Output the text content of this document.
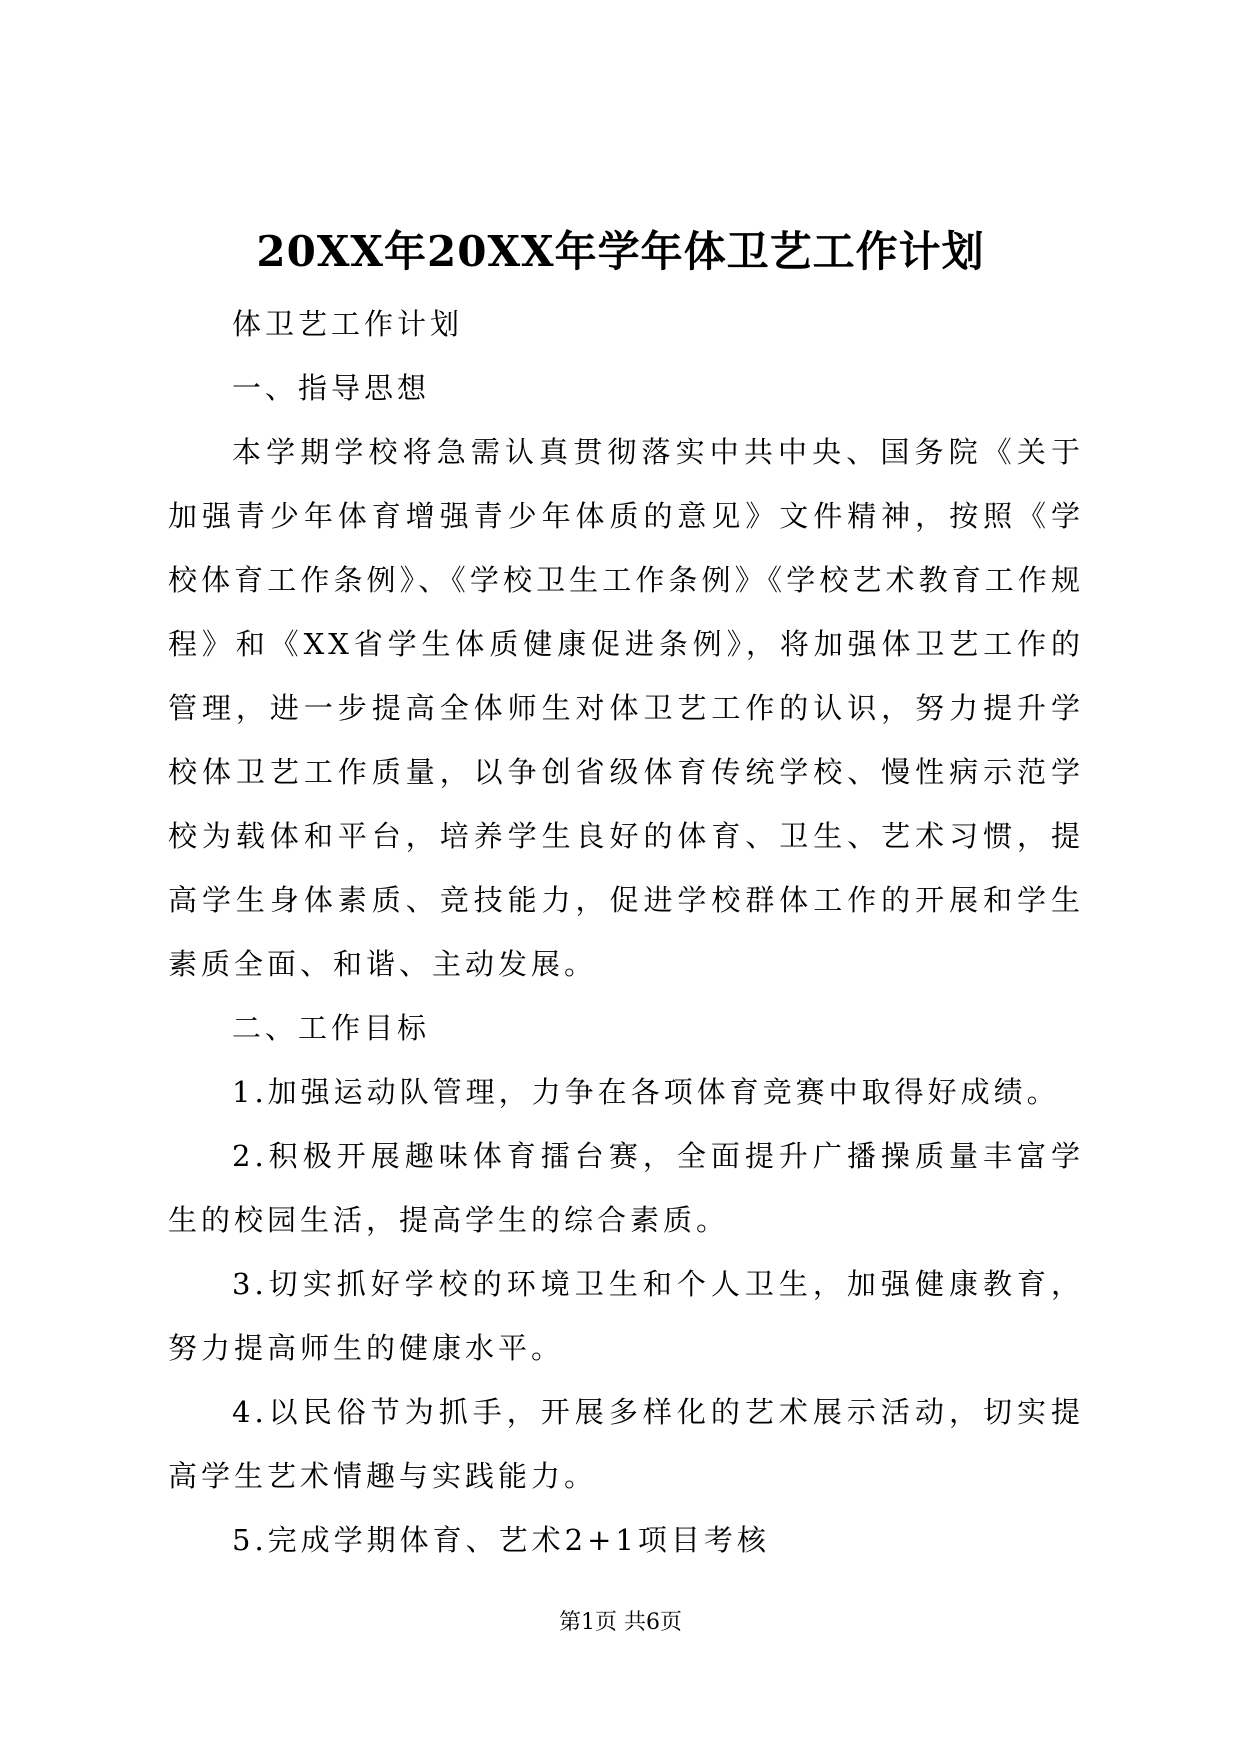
20XX年20XX年学年体卫艺工作计划

体卫艺工作计划

一、指导思想

本学期学校将急需认真贯彻落实中共中央、国务院《关于加强青少年体育增强青少年体质的意见》文件精神，按照《学校体育工作条例》、《学校卫生工作条例》《学校艺术教育工作规程》和《XX省学生体质健康促进条例》，将加强体卫艺工作的管理，进一步提高全体师生对体卫艺工作的认识，努力提升学校体卫艺工作质量，以争创省级体育传统学校、慢性病示范学校为载体和平台，培养学生良好的体育、卫生、艺术习惯，提高学生身体素质、竞技能力，促进学校群体工作的开展和学生素质全面、和谐、主动发展。

二、工作目标

1.加强运动队管理，力争在各项体育竞赛中取得好成绩。

2.积极开展趣味体育擂台赛，全面提升广播操质量丰富学生的校园生活，提高学生的综合素质。

3.切实抓好学校的环境卫生和个人卫生，加强健康教育，努力提高师生的健康水平。

4.以民俗节为抓手，开展多样化的艺术展示活动，切实提高学生艺术情趣与实践能力。

5.完成学期体育、艺术2+1项目考核

第1页 共6页
